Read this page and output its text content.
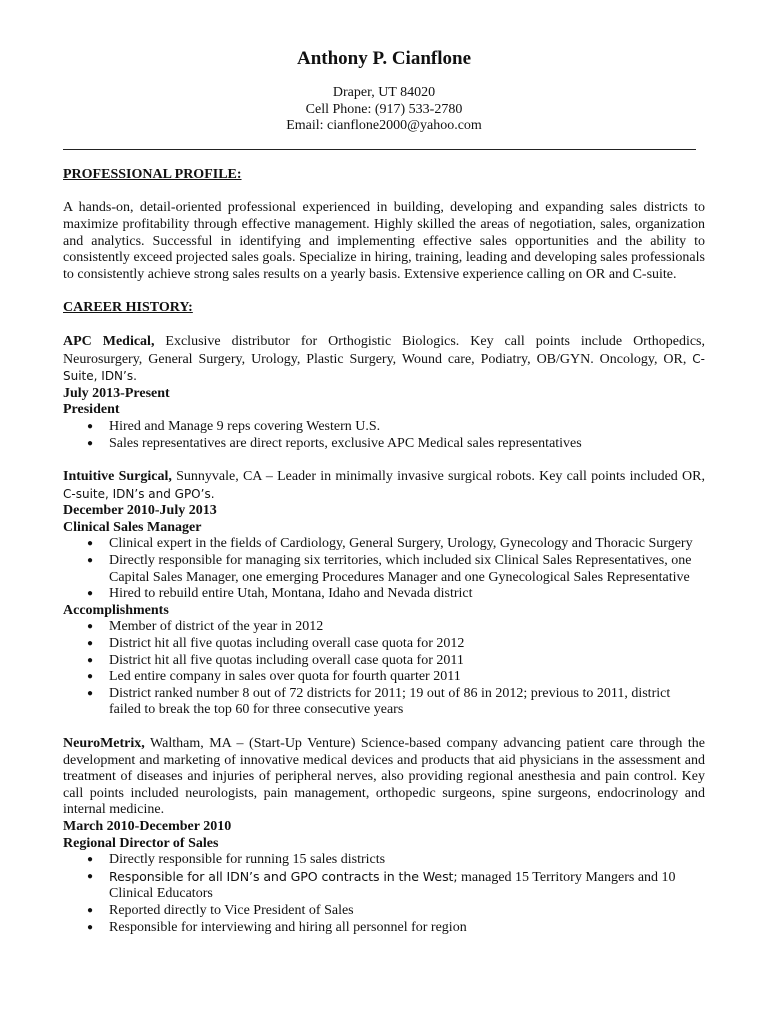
Anthony P. Cianflone
Draper, UT 84020
Cell Phone: (917) 533-2780
Email: cianflone2000@yahoo.com
PROFESSIONAL PROFILE:
A hands-on, detail-oriented professional experienced in building, developing and expanding sales districts to maximize profitability through effective management. Highly skilled the areas of negotiation, sales, organization and analytics. Successful in identifying and implementing effective sales opportunities and the ability to consistently exceed projected sales goals. Specialize in hiring, training, leading and developing sales professionals to consistently achieve strong sales results on a yearly basis. Extensive experience calling on OR and C-suite.
CAREER HISTORY:
APC Medical, Exclusive distributor for Orthogistic Biologics. Key call points include Orthopedics, Neurosurgery, General Surgery, Urology, Plastic Surgery, Wound care, Podiatry, OB/GYN. Oncology, OR, C-Suite, IDN’s.
July 2013-Present
President
● Hired and Manage 9 reps covering Western U.S.
● Sales representatives are direct reports, exclusive APC Medical sales representatives
Intuitive Surgical, Sunnyvale, CA – Leader in minimally invasive surgical robots. Key call points included OR, C-suite, IDN’s and GPO’s.
December 2010-July 2013
Clinical Sales Manager
● Clinical expert in the fields of Cardiology, General Surgery, Urology, Gynecology and Thoracic Surgery
● Directly responsible for managing six territories, which included six Clinical Sales Representatives, one Capital Sales Manager, one emerging Procedures Manager and one Gynecological Sales Representative
● Hired to rebuild entire Utah, Montana, Idaho and Nevada district
Accomplishments
● Member of district of the year in 2012
● District hit all five quotas including overall case quota for 2012
● District hit all five quotas including overall case quota for 2011
● Led entire company in sales over quota for fourth quarter 2011
● District ranked number 8 out of 72 districts for 2011; 19 out of 86 in 2012; previous to 2011, district failed to break the top 60 for three consecutive years
NeuroMetrix, Waltham, MA – (Start-Up Venture) Science-based company advancing patient care through the development and marketing of innovative medical devices and products that aid physicians in the assessment and treatment of diseases and injuries of peripheral nerves, also providing regional anesthesia and pain control. Key call points included neurologists, pain management, orthopedic surgeons, spine surgeons, endocrinology and internal medicine.
March 2010-December 2010
Regional Director of Sales
● Directly responsible for running 15 sales districts
● Responsible for all IDN’s and GPO contracts in the West; managed 15 Territory Mangers and 10 Clinical Educators
● Reported directly to Vice President of Sales
● Responsible for interviewing and hiring all personnel for region
